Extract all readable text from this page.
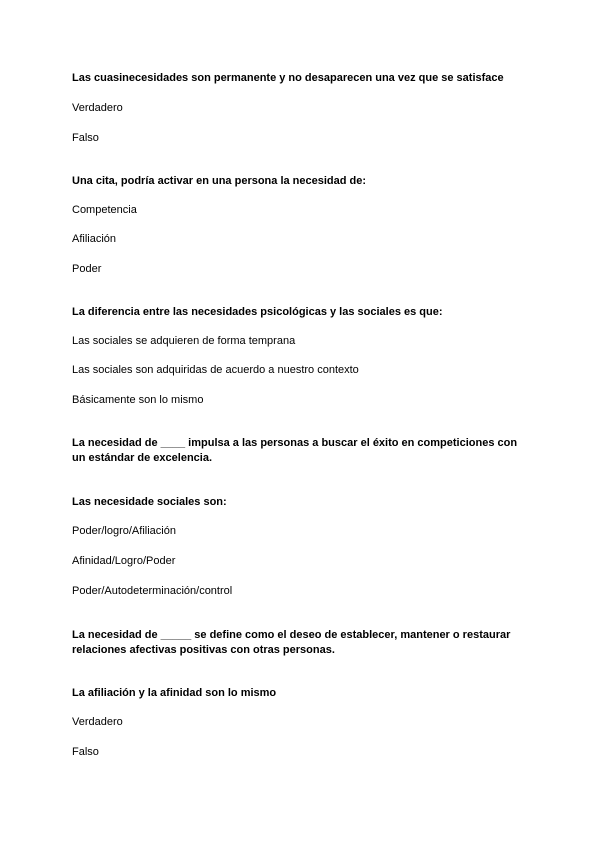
Las cuasinecesidades son permanente y no desaparecen una vez que se satisface
Verdadero
Falso
Una cita, podría activar en una persona la necesidad de:
Competencia
Afiliación
Poder
La diferencia entre las necesidades psicológicas y las sociales es que:
Las sociales se adquieren de forma temprana
Las sociales son adquiridas de acuerdo a nuestro contexto
Básicamente son lo mismo
La necesidad de ____ impulsa a las personas a buscar el éxito en competiciones con un estándar de excelencia.
Las necesidade sociales son:
Poder/logro/Afiliación
Afinidad/Logro/Poder
Poder/Autodeterminación/control
La necesidad de _____ se define como el deseo de establecer, mantener o restaurar relaciones afectivas positivas con otras personas.
La afiliación y la afinidad son lo mismo
Verdadero
Falso
